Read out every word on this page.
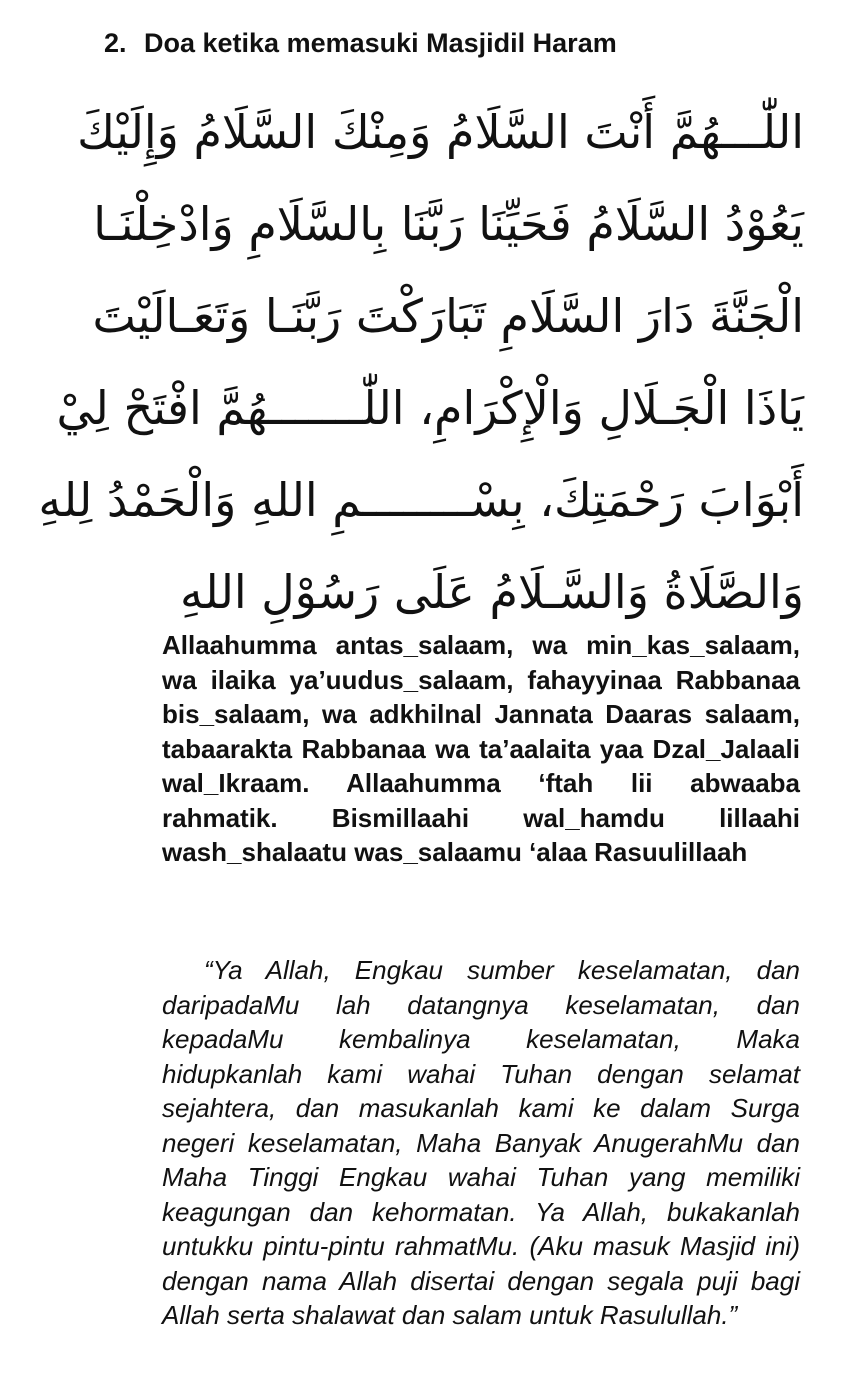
2. Doa ketika memasuki Masjidil Haram
اللّٰـــهُمَّ أَنْتَ السَّلَامُ وَمِنْكَ السَّلَامُ وَإِلَيْكَ
يَعُوْدُ السَّلَامُ فَحَيِّنَا رَبَّنَا بِالسَّلَامِ وَادْخِلْنَـا
الْجَنَّةَ دَارَ السَّلَامِ تَبَارَكْتَ رَبَّنَـا وَتَعَـالَيْتَ
يَاذَا الْجَـلَالِ وَالْإِكْرَامِ، اللّٰـــــــهُمَّ افْتَحْ لِيْ
أَبْوَابَ رَحْمَتِكَ، بِسْــــــــمِ اللهِ وَالْحَمْدُ لِلهِ
وَالصَّلَاةُ وَالسَّـلَامُ عَلَى رَسُوْلِ اللهِ

Allaahumma antas_salaam, wa min_kas_salaam, wa ilaika ya’uudus_salaam, fahayyinaa Rabbanaa bis_salaam, wa adkhilnal Jannata Daaras salaam, tabaarakta Rabbanaa wa ta’aalaita yaa Dzal_Jalaali wal_Ikraam. Allaahumma ‘ftah lii abwaaba rahmatik. Bismillaahi wal_hamdu lillaahi wash_shalaatu was_salaamu ‘alaa Rasuulillaah

“Ya Allah, Engkau sumber keselamatan, dan daripadaMu lah datangnya keselamatan, dan kepadaMu kembalinya keselamatan, Maka hidupkanlah kami wahai Tuhan dengan selamat sejahtera, dan masukanlah kami ke dalam Surga negeri keselamatan, Maha Banyak AnugerahMu dan Maha Tinggi Engkau wahai Tuhan yang memiliki keagungan dan kehormatan. Ya Allah, bukakanlah untukku pintu-pintu rahmatMu. (Aku masuk Masjid ini) dengan nama Allah disertai dengan segala puji bagi Allah serta shalawat dan salam untuk Rasulullah.”
